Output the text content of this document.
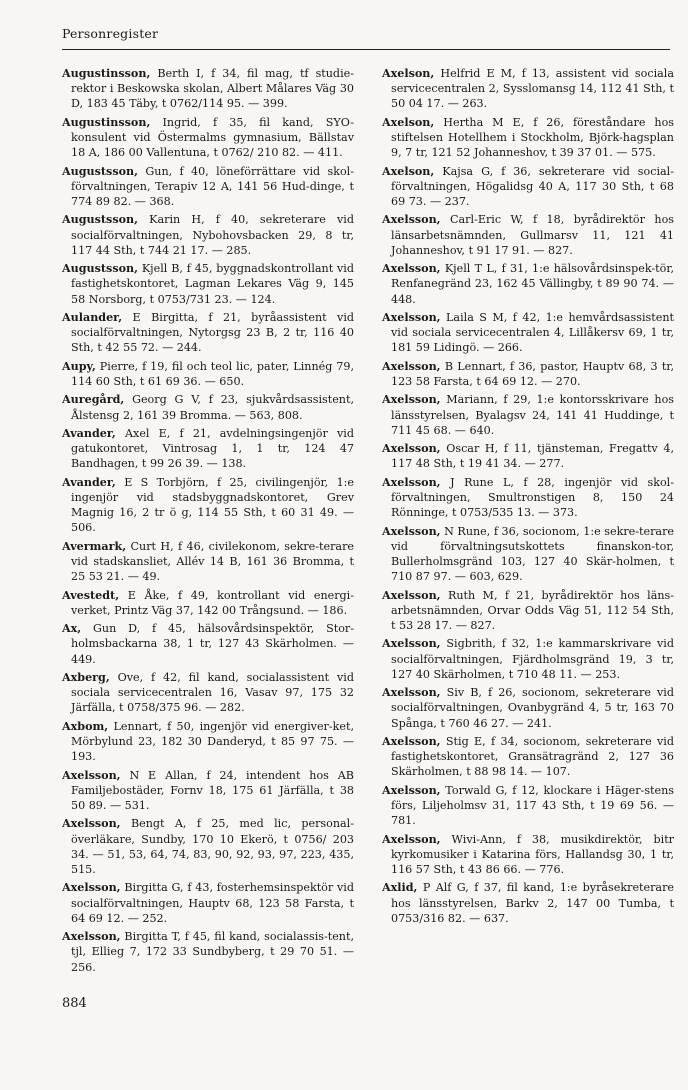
Personregister

Augustinsson, Berth I, f 34, fil mag, tf studie-rektor i Beskowska skolan, Albert Målares Väg 30 D, 183 45 Täby, t 0762/114 95. — 399.

Augustinsson, Ingrid, f 35, fil kand, SYO-konsulent vid Östermalms gymnasium, Bällstav 18 A, 186 00 Vallentuna, t 0762/ 210 82. — 411.

Augustsson, Gun, f 40, löneförrättare vid skol-förvaltningen, Terapiv 12 A, 141 56 Hud-dinge, t 774 89 82. — 368.

Augustsson, Karin H, f 40, sekreterare vid socialförvaltningen, Nybohovsbacken 29, 8 tr, 117 44 Sth, t 744 21 17. — 285.

Augustsson, Kjell B, f 45, byggnadskontrollant vid fastighetskontoret, Lagman Lekares Väg 9, 145 58 Norsborg, t 0753/731 23. — 124.

Aulander, E Birgitta, f 21, byråassistent vid socialförvaltningen, Nytorgsg 23 B, 2 tr, 116 40 Sth, t 42 55 72. — 244.

Aupy, Pierre, f 19, fil och teol lic, pater, Linnég 79, 114 60 Sth, t 61 69 36. — 650.

Auregård, Georg G V, f 23, sjukvårdsassistent, Ålstensg 2, 161 39 Bromma. — 563, 808.

Avander, Axel E, f 21, avdelningsingenjör vid gatukontoret, Vintrosag 1, 1 tr, 124 47 Bandhagen, t 99 26 39. — 138.

Avander, E S Torbjörn, f 25, civilingenjör, 1:e ingenjör vid stadsbyggnadskontoret, Grev Magnig 16, 2 tr ö g, 114 55 Sth, t 60 31 49. — 506.

Avermark, Curt H, f 46, civilekonom, sekre-terare vid stadskansliet, Allév 14 B, 161 36 Bromma, t 25 53 21. — 49.

Avestedt, E Åke, f 49, kontrollant vid energi-verket, Printz Väg 37, 142 00 Trångsund. — 186.

Ax, Gun D, f 45, hälsovårdsinspektör, Stor-holmsbackarna 38, 1 tr, 127 43 Skärholmen. — 449.

Axberg, Ove, f 42, fil kand, socialassistent vid sociala servicecentralen 16, Vasav 97, 175 32 Järfälla, t 0758/375 96. — 282.

Axbom, Lennart, f 50, ingenjör vid energiver-ket, Mörbylund 23, 182 30 Danderyd, t 85 97 75. — 193.

Axelsson, N E Allan, f 24, intendent hos AB Familjebostäder, Fornv 18, 175 61 Järfälla, t 38 50 89. — 531.

Axelsson, Bengt A, f 25, med lic, personal-överläkare, Sundby, 170 10 Ekerö, t 0756/ 203 34. — 51, 53, 64, 74, 83, 90, 92, 93, 97, 223, 435, 515.

Axelsson, Birgitta G, f 43, fosterhemsinspektör vid socialförvaltningen, Hauptv 68, 123 58 Farsta, t 64 69 12. — 252.

Axelsson, Birgitta T, f 45, fil kand, socialassis-tent, tjl, Ellieg 7, 172 33 Sundbyberg, t 29 70 51. — 256.

Axelson, Helfrid E M, f 13, assistent vid sociala servicecentralen 2, Sysslomansg 14, 112 41 Sth, t 50 04 17. — 263.

Axelson, Hertha M E, f 26, föreståndare hos stiftelsen Hotellhem i Stockholm, Björk-hagsplan 9, 7 tr, 121 52 Johanneshov, t 39 37 01. — 575.

Axelson, Kajsa G, f 36, sekreterare vid social-förvaltningen, Högalidsg 40 A, 117 30 Sth, t 68 69 73. — 237.

Axelsson, Carl-Eric W, f 18, byrådirektör hos länsarbetsnämnden, Gullmarsv 11, 121 41 Johanneshov, t 91 17 91. — 827.

Axelsson, Kjell T L, f 31, 1:e hälsovårdsinspek-tör, Renfanegränd 23, 162 45 Vällingby, t 89 90 74. — 448.

Axelsson, Laila S M, f 42, 1:e hemvårdsassistent vid sociala servicecentralen 4, Lillåkersv 69, 1 tr, 181 59 Lidingö. — 266.

Axelsson, B Lennart, f 36, pastor, Hauptv 68, 3 tr, 123 58 Farsta, t 64 69 12. — 270.

Axelsson, Mariann, f 29, 1:e kontorsskrivare hos länsstyrelsen, Byalagsv 24, 141 41 Huddinge, t 711 45 68. — 640.

Axelsson, Oscar H, f 11, tjänsteman, Fregattv 4, 117 48 Sth, t 19 41 34. — 277.

Axelsson, J Rune L, f 28, ingenjör vid skol-förvaltningen, Smultronstigen 8, 150 24 Rönninge, t 0753/535 13. — 373.

Axelsson, N Rune, f 36, socionom, 1:e sekre-terare vid förvaltningsutskottets finanskon-tor, Bullerholmsgränd 103, 127 40 Skär-holmen, t 710 87 97. — 603, 629.

Axelsson, Ruth M, f 21, byrådirektör hos läns-arbetsnämnden, Orvar Odds Väg 51, 112 54 Sth, t 53 28 17. — 827.

Axelsson, Sigbrith, f 32, 1:e kammarskrivare vid socialförvaltningen, Fjärdholmsgränd 19, 3 tr, 127 40 Skärholmen, t 710 48 11. — 253.

Axelsson, Siv B, f 26, socionom, sekreterare vid socialförvaltningen, Ovanbygränd 4, 5 tr, 163 70 Spånga, t 760 46 27. — 241.

Axelsson, Stig E, f 34, socionom, sekreterare vid fastighetskontoret, Gransätragränd 2, 127 36 Skärholmen, t 88 98 14. — 107.

Axelsson, Torwald G, f 12, klockare i Häger-stens förs, Liljeholmsv 31, 117 43 Sth, t 19 69 56. — 781.

Axelsson, Wivi-Ann, f 38, musikdirektör, bitr kyrkomusiker i Katarina förs, Hallandsg 30, 1 tr, 116 57 Sth, t 43 86 66. — 776.

Axlid, P Alf G, f 37, fil kand, 1:e byråsekreterare hos länsstyrelsen, Barkv 2, 147 00 Tumba, t 0753/316 82. — 637.

884
